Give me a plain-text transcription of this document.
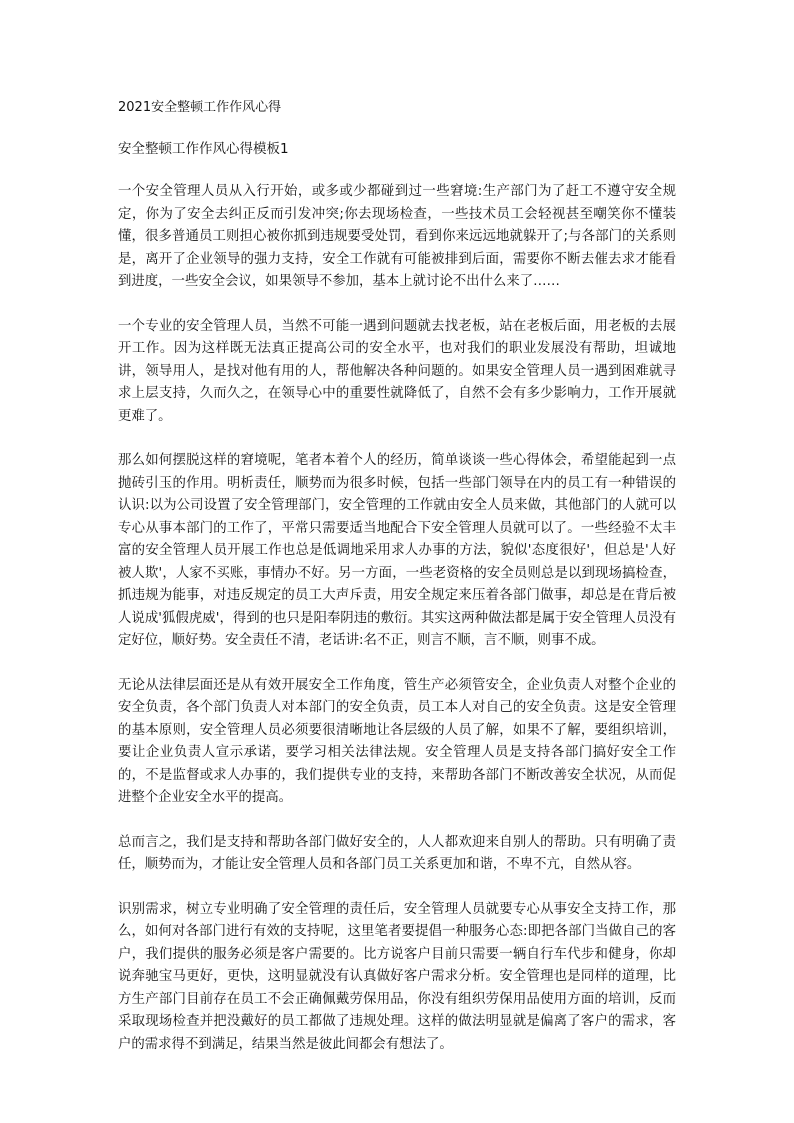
2021安全整顿工作作风心得
安全整顿工作作风心得模板1

一个安全管理人员从入行开始，或多或少都碰到过一些窘境:生产部门为了赶工不遵守安全规定，你为了安全去纠正反而引发冲突;你去现场检查，一些技术员工会轻视甚至嘲笑你不懂装懂，很多普通员工则担心被你抓到违规要受处罚，看到你来远远地就躲开了;与各部门的关系则是，离开了企业领导的强力支持，安全工作就有可能被排到后面，需要你不断去催去求才能看到进度，一些安全会议，如果领导不参加，基本上就讨论不出什么来了……

一个专业的安全管理人员，当然不可能一遇到问题就去找老板，站在老板后面，用老板的去展开工作。因为这样既无法真正提高公司的安全水平，也对我们的职业发展没有帮助，坦诚地讲，领导用人，是找对他有用的人，帮他解决各种问题的。如果安全管理人员一遇到困难就寻求上层支持，久而久之，在领导心中的重要性就降低了，自然不会有多少影响力，工作开展就更难了。

那么如何摆脱这样的窘境呢，笔者本着个人的经历，简单谈谈一些心得体会，希望能起到一点抛砖引玉的作用。明析责任，顺势而为很多时候，包括一些部门领导在内的员工有一种错误的认识:以为公司设置了安全管理部门，安全管理的工作就由安全人员来做，其他部门的人就可以专心从事本部门的工作了，平常只需要适当地配合下安全管理人员就可以了。一些经验不太丰富的安全管理人员开展工作也总是低调地采用求人办事的方法，貌似'态度很好'，但总是'人好被人欺'，人家不买账，事情办不好。另一方面，一些老资格的安全员则总是以到现场搞检查，抓违规为能事，对违反规定的员工大声斥责，用安全规定来压着各部门做事，却总是在背后被人说成'狐假虎威'，得到的也只是阳奉阴违的敷衍。其实这两种做法都是属于安全管理人员没有定好位，顺好势。安全责任不清，老话讲:名不正，则言不顺，言不顺，则事不成。

无论从法律层面还是从有效开展安全工作角度，管生产必须管安全，企业负责人对整个企业的安全负责，各个部门负责人对本部门的安全负责，员工本人对自己的安全负责。这是安全管理的基本原则，安全管理人员必须要很清晰地让各层级的人员了解，如果不了解，要组织培训，要让企业负责人宣示承诺，要学习相关法律法规。安全管理人员是支持各部门搞好安全工作的，不是监督或求人办事的，我们提供专业的支持，来帮助各部门不断改善安全状况，从而促进整个企业安全水平的提高。

总而言之，我们是支持和帮助各部门做好安全的，人人都欢迎来自别人的帮助。只有明确了责任，顺势而为，才能让安全管理人员和各部门员工关系更加和谐，不卑不亢，自然从容。

识别需求，树立专业明确了安全管理的责任后，安全管理人员就要专心从事安全支持工作，那么，如何对各部门进行有效的支持呢，这里笔者要提倡一种服务心态:即把各部门当做自己的客户，我们提供的服务必须是客户需要的。比方说客户目前只需要一辆自行车代步和健身，你却说奔驰宝马更好，更快，这明显就没有认真做好客户需求分析。安全管理也是同样的道理，比方生产部门目前存在员工不会正确佩戴劳保用品，你没有组织劳保用品使用方面的培训，反而采取现场检查并把没戴好的员工都做了违规处理。这样的做法明显就是偏离了客户的需求，客户的需求得不到满足，结果当然是彼此间都会有想法了。
